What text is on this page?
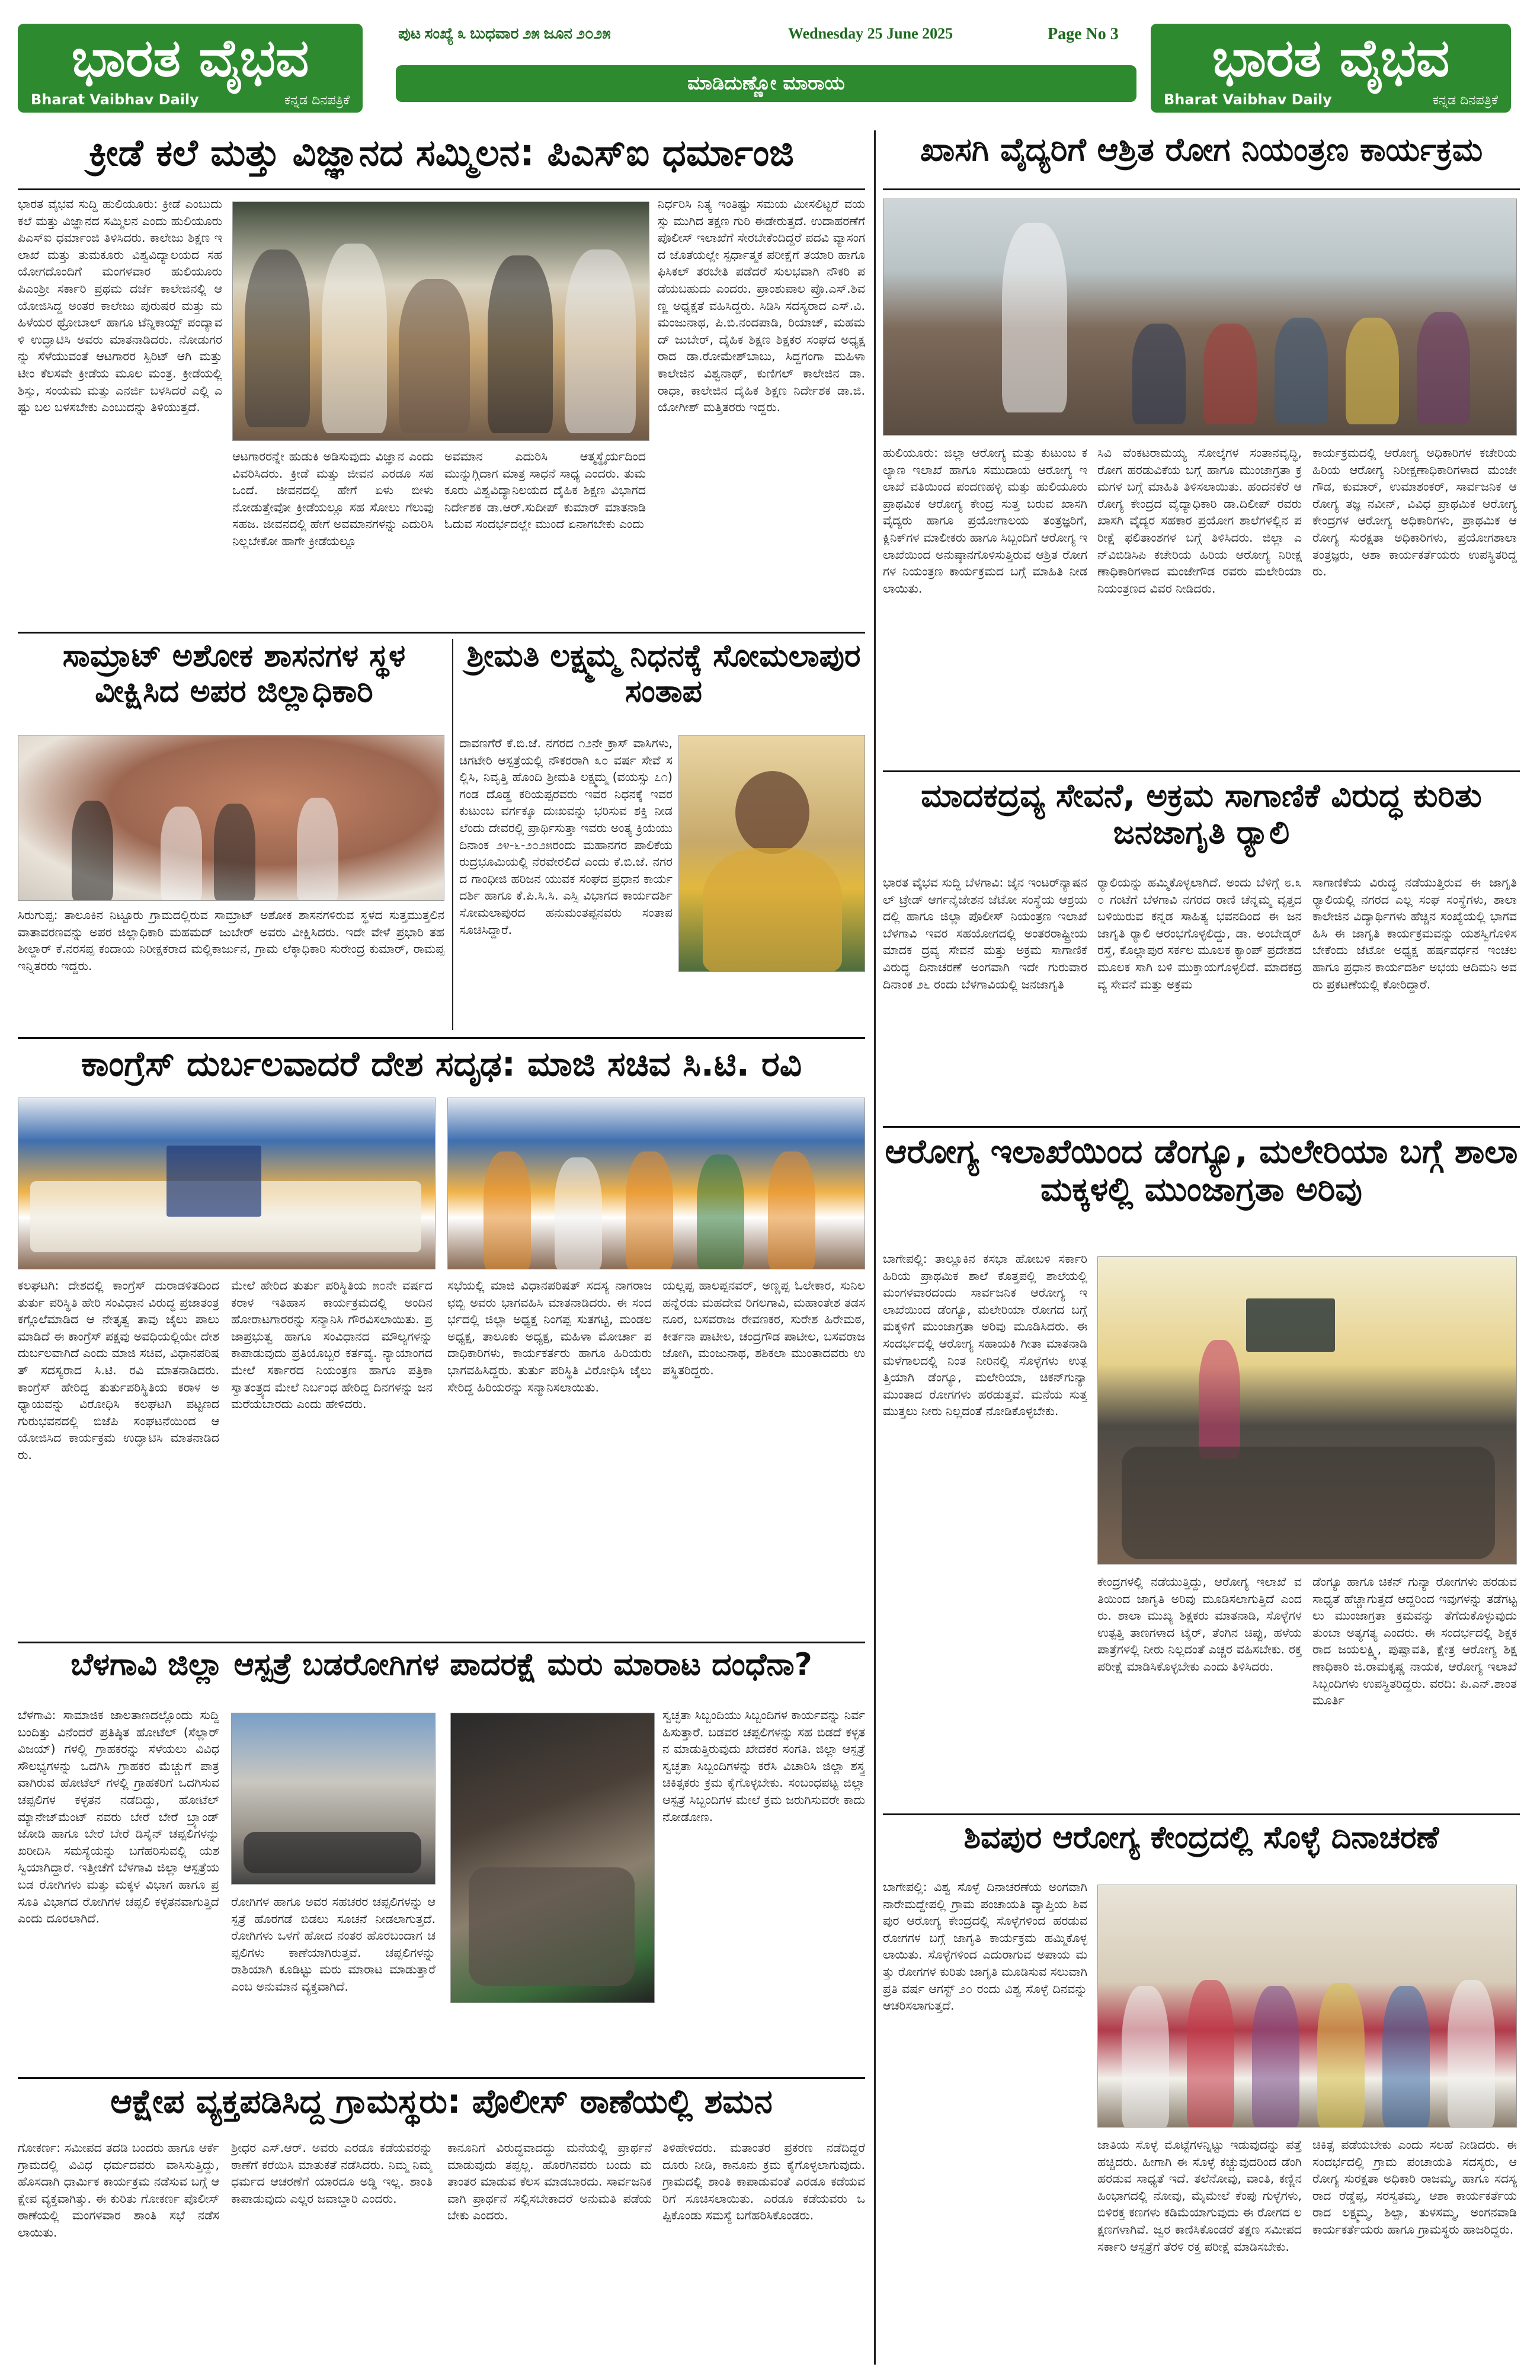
ಭಾರತ ವೈಭವ
Bharat Vaibhav Daily	ಕನ್ನಡ ದಿನಪತ್ರಿಕೆ
ಭಾರತ ವೈಭವ
Bharat Vaibhav Daily	ಕನ್ನಡ ದಿನಪತ್ರಿಕೆ
ಪುಟ ಸಂಖ್ಯೆ ೩ ಬುಧವಾರ ೨೫ ಜೂನ ೨೦೨೫	Wednesday 25 June 2025	Page No 3
ಮಾಡಿದುಣ್ಣೋ ಮಾರಾಯ
ಕ್ರೀಡೆ ಕಲೆ ಮತ್ತು ವಿಜ್ಞಾನದ ಸಮ್ಮಿಲನ: ಪಿಎಸ್‌ಐ ಧರ್ಮಾಂಜಿ
ಭಾರತ ವೈಭವ ಸುದ್ದಿ ಹುಲಿಯೂರು: ಕ್ರೀಡೆ ಎಂಬುದು ಕಲೆ ಮತ್ತು ವಿಜ್ಞಾನದ ಸಮ್ಮಿಲನ ಎಂದು ಹುಲಿಯೂರು ಪಿಎಸ್‌ಐ ಧರ್ಮಾಂಜಿ ತಿಳಿಸಿದರು. ಕಾಲೇಜು ಶಿಕ್ಷಣ ಇಲಾಖೆ ಮತ್ತು ತುಮಕೂರು ವಿಶ್ವವಿದ್ಯಾಲಯದ ಸಹಯೋಗದೊಂದಿಗೆ ಮಂಗಳವಾರ ಹುಲಿಯೂರು ಪಿಎಂಶ್ರೀ ಸರ್ಕಾರಿ ಪ್ರಥಮ ದರ್ಜೆ ಕಾಲೇಜಿನಲ್ಲಿ ಆಯೋಜಿಸಿದ್ದ ಅಂತರ ಕಾಲೇಜು ಪುರುಷರ ಮತ್ತು ಮಹಿಳೆಯರ ಥ್ರೋಬಾಲ್ ಹಾಗೂ ಟೆನ್ನಿಕಾಯ್ಟ್ ಪಂದ್ಯಾವಳಿ ಉದ್ಘಾಟಿಸಿ ಅವರು ಮಾತನಾಡಿದರು. ನೋಡುಗರನ್ನು ಸೆಳೆಯುವಂತೆ ಆಟಗಾರರ ಸ್ಪಿರಿಟ್ ಆಗಿ ಮತ್ತು ಟೀಂ ಕೆಲಸವೇ ಕ್ರೀಡೆಯ ಮೂಲ ಮಂತ್ರ. ಕ್ರೀಡೆಯಲ್ಲಿ ಶಿಸ್ತು, ಸಂಯಮ ಮತ್ತು ಎನರ್ಜಿ ಬಳಸಿದರೆ ಎಲ್ಲಿ ಎಷ್ಟು ಬಲ ಬಳಸಬೇಕು ಎಂಬುದನ್ನು ತಿಳಿಯುತ್ತದೆ.
ಆಟಗಾರರನ್ನೇ ಹುಡುಕಿ ಅಡಿಸುವುದು ವಿಜ್ಞಾನ ಎಂದು ವಿವರಿಸಿದರು. ಕ್ರೀಡೆ ಮತ್ತು ಜೀವನ ಎರಡೂ ಸಹ ಒಂದೆ. ಜೀವನದಲ್ಲಿ ಹೇಗೆ ಏಳು ಬೀಳು ನೋಡುತ್ತೇವೋ ಕ್ರೀಡೆಯಲ್ಲೂ ಸಹ ಸೋಲು ಗೆಲುವು ಸಹಜ. ಜೀವನದಲ್ಲಿ ಹೇಗೆ ಅವಮಾನಗಳನ್ನು ಎದುರಿಸಿ ನಿಲ್ಲಬೇಕೋ ಹಾಗೇ ಕ್ರೀಡೆಯಲ್ಲೂ
ಅವಮಾನ ಎದುರಿಸಿ ಆತ್ಮಸ್ಥೈರ್ಯದಿಂದ ಮುನ್ನುಗ್ಗಿದಾಗ ಮಾತ್ರ ಸಾಧನೆ ಸಾಧ್ಯ ಎಂದರು. ತುಮಕೂರು ವಿಶ್ವವಿದ್ಯಾನಿಲಯದ ದೈಹಿಕ ಶಿಕ್ಷಣ ವಿಭಾಗದ ನಿರ್ದೇಶಕ ಡಾ.ಆರ್.ಸುದೀಪ್ ಕುಮಾರ್ ಮಾತನಾಡಿ ಓದುವ ಸಂದರ್ಭದಲ್ಲೇ ಮುಂದೆ ಏನಾಗಬೇಕು ಎಂದು
ನಿರ್ಧರಿಸಿ ನಿತ್ಯ ಇಂತಿಷ್ಟು ಸಮಯ ಮೀಸಲಿಟ್ಟರೆ ವಯಸ್ಸು ಮುಗಿದ ತಕ್ಷಣ ಗುರಿ ಈಡೇರುತ್ತದೆ. ಉದಾಹರಣೆಗೆ ಪೊಲೀಸ್ ಇಲಾಖೆಗೆ ಸೇರಬೇಕೆಂದಿದ್ದರೆ ಪದವಿ ವ್ಯಾಸಂಗದ ಜೊತೆಯಲ್ಲೇ ಸ್ಪರ್ಧಾತ್ಮಕ ಪರೀಕ್ಷೆಗೆ ತಯಾರಿ ಹಾಗೂ ಫಿಸಿಕಲ್ ತರಬೇತಿ ಪಡೆದರೆ ಸುಲಭವಾಗಿ ನೌಕರಿ ಪಡೆಯಬಹುದು ಎಂದರು. ಪ್ರಾಂಶುಪಾಲ ಪ್ರೊ.ಎಸ್.ಶಿವಣ್ಣ ಅಧ್ಯಕ್ಷತೆ ವಹಿಸಿದ್ದರು. ಸಿಡಿಸಿ ಸದಸ್ಯರಾದ ಎಸ್.ವಿ.ಮಂಜುನಾಥ, ಪಿ.ಬಿ.ನಂದಪಾಡಿ, ರಿಯಾಜ್, ಮಹಮದ್ ಜುಬೇರ್, ದೈಹಿಕ ಶಿಕ್ಷಣ ಶಿಕ್ಷಕರ ಸಂಘದ ಅಧ್ಯಕ್ಷರಾದ ಡಾ.ರೋಮೇಶ್‌ಬಾಬು, ಸಿದ್ದಗಂಗಾ ಮಹಿಳಾ ಕಾಲೇಜಿನ ವಿಶ್ವನಾಥ್, ಕುಣಿಗಲ್ ಕಾಲೇಜಿನ ಡಾ.ರಾಧಾ, ಕಾಲೇಜಿನ ದೈಹಿಕ ಶಿಕ್ಷಣ ನಿರ್ದೇಶಕ ಡಾ.ಜಿ.ಯೋಗೀಶ್ ಮತ್ತಿತರರು ಇದ್ದರು.
ಖಾಸಗಿ ವೈದ್ಯರಿಗೆ ಆಶ್ರಿತ ರೋಗ ನಿಯಂತ್ರಣ ಕಾರ್ಯಕ್ರಮ
ಹುಲಿಯೂರು: ಜಿಲ್ಲಾ ಆರೋಗ್ಯ ಮತ್ತು ಕುಟುಂಬ ಕಲ್ಯಾಣ ಇಲಾಖೆ ಹಾಗೂ ಸಮುದಾಯ ಆರೋಗ್ಯ ಇಲಾಖೆ ವತಿಯಿಂದ ಪಂದಣಹಳ್ಳಿ ಮತ್ತು ಹುಲಿಯೂರು ಪ್ರಾಥಮಿಕ ಆರೋಗ್ಯ ಕೇಂದ್ರ ಸುತ್ತ ಬರುವ ಖಾಸಗಿ ವೈದ್ಯರು ಹಾಗೂ ಪ್ರಯೋಗಾಲಯ ತಂತ್ರಜ್ಞರಿಗೆ, ಕ್ಲಿನಿಕ್‌ಗಳ ಮಾಲೀಕರು ಹಾಗೂ ಸಿಬ್ಬಂದಿಗೆ ಆರೋಗ್ಯ ಇಲಾಖೆಯಿಂದ ಅನುಷ್ಠಾನಗೊಳಿಸುತ್ತಿರುವ ಆಶ್ರಿತ ರೋಗಗಳ ನಿಯಂತ್ರಣ ಕಾರ್ಯಕ್ರಮದ ಬಗ್ಗೆ ಮಾಹಿತಿ ನೀಡಲಾಯಿತು.
ಸಿವಿ ವೆಂಕಟರಾಮಯ್ಯ ಸೋಲ್ಕೆಗಳ ಸಂತಾನವೃದ್ಧಿ, ರೋಗ ಹರಡುವಿಕೆಯ ಬಗ್ಗೆ ಹಾಗೂ ಮುಂಜಾಗ್ರತಾ ಕ್ರಮಗಳ ಬಗ್ಗೆ ಮಾಹಿತಿ ತಿಳಿಸಲಾಯಿತು. ಹಂದನಕೆರೆ ಆರೋಗ್ಯ ಕೇಂದ್ರದ ವೈದ್ಯಾಧಿಕಾರಿ ಡಾ.ದಿಲೀಪ್ ರವರು ಖಾಸಗಿ ವೈದ್ಯರ ಸಹಕಾರ ಪ್ರಯೋಗ ಶಾಲೆಗಳಲ್ಲಿನ ಪರೀಕ್ಷೆ ಫಲಿತಾಂಶಗಳ ಬಗ್ಗೆ ತಿಳಿಸಿದರು. ಜಿಲ್ಲಾ ಎನ್‌ವಿಬಿಡಿಸಿಪಿ ಕಚೇರಿಯ ಹಿರಿಯ ಆರೋಗ್ಯ ನಿರೀಕ್ಷಣಾಧಿಕಾರಿಗಳಾದ ಮಂಜೇಗೌಡ ರವರು ಮಲೇರಿಯಾ ನಿಯಂತ್ರಣದ ವಿವರ ನೀಡಿದರು.
ಕಾರ್ಯಕ್ರಮದಲ್ಲಿ ಆರೋಗ್ಯ ಅಧಿಕಾರಿಗಳ ಕಚೇರಿಯ ಹಿರಿಯ ಆರೋಗ್ಯ ನಿರೀಕ್ಷಣಾಧಿಕಾರಿಗಳಾದ ಮಂಜೇ ಗೌಡ, ಕುಮಾರ್, ಉಮಾಶಂಕರ್, ಸಾರ್ವಜನಿಕ ಆರೋಗ್ಯ ತಜ್ಞ ನವೀನ್, ವಿವಿಧ ಪ್ರಾಥಮಿಕ ಆರೋಗ್ಯ ಕೇಂದ್ರಗಳ ಆರೋಗ್ಯ ಅಧಿಕಾರಿಗಳು, ಪ್ರಾಥಮಿಕ ಆರೋಗ್ಯ ಸುರಕ್ಷತಾ ಅಧಿಕಾರಿಗಳು, ಪ್ರಯೋಗಶಾಲಾ ತಂತ್ರಜ್ಞರು, ಆಶಾ ಕಾರ್ಯಕರ್ತೆಯರು ಉಪಸ್ಥಿತರಿದ್ದರು.
ಸಾಮ್ರಾಟ್ ಅಶೋಕ ಶಾಸನಗಳ ಸ್ಥಳ ವೀಕ್ಷಿಸಿದ ಅಪರ ಜಿಲ್ಲಾಧಿಕಾರಿ
ಸಿರುಗುಪ್ಪ: ತಾಲೂಕಿನ ನಿಟ್ಟೂರು ಗ್ರಾಮದಲ್ಲಿರುವ ಸಾಮ್ರಾಟ್ ಅಶೋಕ ಶಾಸನಗಳಿರುವ ಸ್ಥಳದ ಸುತ್ತಮುತ್ತಲಿನ ವಾತಾವರಣವನ್ನು ಅಪರ ಜಿಲ್ಲಾಧಿಕಾರಿ ಮಹಮದ್ ಜುಬೇರ್ ಅವರು ವೀಕ್ಷಿಸಿದರು. ಇದೇ ವೇಳೆ ಪ್ರಭಾರಿ ತಹಶೀಲ್ದಾರ್ ಕೆ.ನರಸಪ್ಪ ಕಂದಾಯ ನಿರೀಕ್ಷಕರಾದ ಮಲ್ಲಿಕಾರ್ಜುನ, ಗ್ರಾಮ ಲೆಕ್ಕಾಧಿಕಾರಿ ಸುರೇಂದ್ರ ಕುಮಾರ್, ರಾಮಪ್ಪ ಇನ್ನಿತರರು ಇದ್ದರು.
ಶ್ರೀಮತಿ ಲಕ್ಷ್ಮಮ್ಮ ನಿಧನಕ್ಕೆ ಸೋಮಲಾಪುರ ಸಂತಾಪ
ದಾವಣಗೆರೆ ಕೆ.ಬಿ.ಜೆ. ನಗರದ ೧೨ನೇ ಕ್ರಾಸ್ ವಾಸಿಗಳು, ಚಿಗಟೇರಿ ಆಸ್ಪತ್ರೆಯಲ್ಲಿ ನೌಕರರಾಗಿ ೩೦ ವರ್ಷ ಸೇವೆ ಸಲ್ಲಿಸಿ, ನಿವೃತ್ತಿ ಹೊಂದಿ ಶ್ರೀಮತಿ ಲಕ್ಷ್ಮಮ್ಮ (ವಯಸ್ಸು ೭೧) ಗಂಡ ದೊಡ್ಡ ಕರಿಯಪ್ಪರವರು ಇವರ ನಿಧನಕ್ಕೆ ಇವರ ಕುಟುಂಬ ವರ್ಗಕ್ಕೂ ದುಃಖವನ್ನು ಭರಿಸುವ ಶಕ್ತಿ ನೀಡಲೆಂದು ದೇವರಲ್ಲಿ ಪ್ರಾರ್ಥಿಸುತ್ತಾ ಇವರು ಅಂತ್ಯ ಕ್ರಿಯೆಯು ದಿನಾಂಕ ೨೪-೬-೨೦೨೫ರಂದು ಮಹಾನಗರ ಪಾಲಿಕೆಯ ರುದ್ರಭೂಮಿಯಲ್ಲಿ ನೆರವೇರಲಿದೆ ಎಂದು ಕೆ.ಬಿ.ಜೆ. ನಗರದ ಗಾಂಧೀಜಿ ಹರಿಜನ ಯುವಕ ಸಂಘದ ಪ್ರಧಾನ ಕಾರ್ಯದರ್ಶಿ ಹಾಗೂ ಕೆ.ಪಿ.ಸಿ.ಸಿ. ಎಸ್ಸಿ ವಿಭಾಗದ ಕಾರ್ಯದರ್ಶಿ ಸೋಮಲಾಪುರದ ಹನುಮಂತಪ್ಪನವರು ಸಂತಾಪ ಸೂಚಿಸಿದ್ದಾರೆ.
ಮಾದಕದ್ರವ್ಯ ಸೇವನೆ, ಅಕ್ರಮ ಸಾಗಾಣಿಕೆ ವಿರುದ್ಧ ಕುರಿತು ಜನಜಾಗೃತಿ ರ‍್ಯಾಲಿ
ಭಾರತ ವೈಭವ ಸುದ್ದಿ ಬೆಳಗಾವಿ: ಜೈನ ಇಂಟರ್‌ನ್ಯಾಷನಲ್ ಟ್ರೇಡ್ ಆರ್ಗನೈಜೇಶನ ಜೆಟೋ ಸಂಸ್ಥೆಯ ಆಶ್ರಯದಲ್ಲಿ ಹಾಗೂ ಜಿಲ್ಲಾ ಪೊಲೀಸ್ ನಿಯಂತ್ರಣ ಇಲಾಖೆ ಬೆಳಗಾವಿ ಇವರ ಸಹಯೋಗದಲ್ಲಿ ಅಂತರರಾಷ್ಟ್ರೀಯ ಮಾದಕ ದ್ರವ್ಯ ಸೇವನೆ ಮತ್ತು ಅಕ್ರಮ ಸಾಗಾಣಿಕೆ ವಿರುದ್ಧ ದಿನಾಚರಣೆ ಅಂಗವಾಗಿ ಇದೇ ಗುರುವಾರ ದಿನಾಂಕ ೨೬ ರಂದು ಬೆಳಗಾವಿಯಲ್ಲಿ ಜನಜಾಗೃತಿ
ರ‍್ಯಾಲಿಯನ್ನು ಹಮ್ಮಿಕೊಳ್ಳಲಾಗಿದೆ. ಅಂದು ಬೆಳಿಗ್ಗೆ ೮.೩೦ ಗಂಟೆಗೆ ಬೆಳಗಾವಿ ನಗರದ ರಾಣಿ ಚೆನ್ನಮ್ಮ ವೃತ್ತದ ಬಳಿಯಿರುವ ಕನ್ನಡ ಸಾಹಿತ್ಯ ಭವನದಿಂದ ಈ ಜನಜಾಗೃತಿ ರ‍್ಯಾಲಿ ಆರಂಭಗೊಳ್ಳಲಿದ್ದು, ಡಾ. ಅಂಬೇಡ್ಕರ್ ರಸ್ತೆ, ಕೊಲ್ಲಾಪುರ ಸರ್ಕಲ ಮೂಲಕ ಕ್ಯಾಂಪ್ ಪ್ರದೇಶದ ಮೂಲಕ ಸಾಗಿ ಬಳಿ ಮುಕ್ತಾಯಗೊಳ್ಳಲಿದೆ. ಮಾದಕದ್ರವ್ಯ ಸೇವನೆ ಮತ್ತು ಅಕ್ರಮ
ಸಾಗಾಣಿಕೆಯ ವಿರುದ್ಧ ನಡೆಯುತ್ತಿರುವ ಈ ಜಾಗೃತಿ ರ‍್ಯಾಲಿಯಲ್ಲಿ ನಗರದ ಎಲ್ಲ ಸಂಘ ಸಂಸ್ಥೆಗಳು, ಶಾಲಾ ಕಾಲೇಜಿನ ವಿದ್ಯಾರ್ಥಿಗಳು ಹೆಚ್ಚಿನ ಸಂಖ್ಯೆಯಲ್ಲಿ ಭಾಗವಹಿಸಿ ಈ ಜಾಗೃತಿ ಕಾರ್ಯಕ್ರಮವನ್ನು ಯಶಸ್ವಿಗೊಳಿಸಬೇಕೆಂದು ಜೆಟೋ ಅಧ್ಯಕ್ಷ ಹರ್ಷವರ್ಧನ ಇಂಚಲ ಹಾಗೂ ಪ್ರಧಾನ ಕಾರ್ಯದರ್ಶಿ ಅಭಯ ಆದಿಮನಿ ಅವರು ಪ್ರಕಟಣೆಯಲ್ಲಿ ಕೋರಿದ್ದಾರೆ.
ಕಾಂಗ್ರೆಸ್ ದುರ್ಬಲವಾದರೆ ದೇಶ ಸದೃಢ: ಮಾಜಿ ಸಚಿವ ಸಿ.ಟಿ. ರವಿ
ಕಲಘಟಗಿ: ದೇಶದಲ್ಲಿ ಕಾಂಗ್ರೆಸ್ ದುರಾಡಳಿತದಿಂದ ತುರ್ತು ಪರಿಸ್ಥಿತಿ ಹೇರಿ ಸಂವಿಧಾನ ವಿರುದ್ಧ ಪ್ರಜಾತಂತ್ರ ಕಗ್ಗೊಲೆಮಾಡಿದ ಆ ನೇತೃತ್ವ ತಾವು ಜೈಲು ಪಾಲು ಮಾಡಿದೆ ಈ ಕಾಂಗ್ರೆಸ್ ಪಕ್ಷವು ಅವಧಿಯಲ್ಲಿಯೇ ದೇಶ ದುರ್ಬಲವಾಗಿದೆ ಎಂದು ಮಾಜಿ ಸಚಿವ, ವಿಧಾನಪರಿಷತ್ ಸದಸ್ಯರಾದ ಸಿ.ಟಿ. ರವಿ ಮಾತನಾಡಿದರು. ಕಾಂಗ್ರೆಸ್ ಹೇರಿದ್ದ ತುರ್ತುಪರಿಸ್ಥಿತಿಯ ಕರಾಳ ಅಧ್ಯಾಯವನ್ನು ವಿರೋಧಿಸಿ ಕಲಘಟಗಿ ಪಟ್ಟಣದ ಗುರುಭವನದಲ್ಲಿ ಬಿಜೆಪಿ ಸಂಘಟನೆಯಿಂದ ಆಯೋಜಿಸಿದ ಕಾರ್ಯಕ್ರಮ ಉದ್ಘಾಟಿಸಿ ಮಾತನಾಡಿದರು.
ಮೇಲೆ ಹೇರಿದ ತುರ್ತು ಪರಿಸ್ಥಿತಿಯ ೫೦ನೇ ವರ್ಷದ ಕರಾಳ ಇತಿಹಾಸ ಕಾರ್ಯಕ್ರಮದಲ್ಲಿ ಅಂದಿನ ಹೋರಾಟಗಾರರನ್ನು ಸನ್ಮಾನಿಸಿ ಗೌರವಿಸಲಾಯಿತು. ಪ್ರಜಾಪ್ರಭುತ್ವ ಹಾಗೂ ಸಂವಿಧಾನದ ಮೌಲ್ಯಗಳನ್ನು ಕಾಪಾಡುವುದು ಪ್ರತಿಯೊಬ್ಬರ ಕರ್ತವ್ಯ. ನ್ಯಾಯಾಂಗದ ಮೇಲೆ ಸರ್ಕಾರದ ನಿಯಂತ್ರಣ ಹಾಗೂ ಪತ್ರಿಕಾ ಸ್ವಾತಂತ್ರ್ಯದ ಮೇಲೆ ನಿರ್ಬಂಧ ಹೇರಿದ್ದ ದಿನಗಳನ್ನು ಜನ ಮರೆಯಬಾರದು ಎಂದು ಹೇಳಿದರು.
ಸಭೆಯಲ್ಲಿ ಮಾಜಿ ವಿಧಾನಪರಿಷತ್ ಸದಸ್ಯ ನಾಗರಾಜ ಛಬ್ಬಿ ಅವರು ಭಾಗವಹಿಸಿ ಮಾತನಾಡಿದರು. ಈ ಸಂದರ್ಭದಲ್ಲಿ ಜಿಲ್ಲಾ ಅಧ್ಯಕ್ಷ ನಿಂಗಪ್ಪ ಸುತಗಟ್ಟಿ, ಮಂಡಲ ಅಧ್ಯಕ್ಷ, ತಾಲೂಕು ಅಧ್ಯಕ್ಷ, ಮಹಿಳಾ ಮೋರ್ಚಾ ಪದಾಧಿಕಾರಿಗಳು, ಕಾರ್ಯಕರ್ತರು ಹಾಗೂ ಹಿರಿಯರು ಭಾಗವಹಿಸಿದ್ದರು. ತುರ್ತು ಪರಿಸ್ಥಿತಿ ವಿರೋಧಿಸಿ ಜೈಲು ಸೇರಿದ್ದ ಹಿರಿಯರನ್ನು ಸನ್ಮಾನಿಸಲಾಯಿತು.
ಯಲ್ಲಪ್ಪ ಹಾಲಪ್ಪನವರ್, ಅಣ್ಣಪ್ಪ ಓಲೇಕಾರ, ಸುನಿಲ ಹನ್ನೆರಡು ಮಹದೇವ ರಿಗಲಗಾವಿ, ಮಹಾಂತೇಶ ತಡಸನೂರ, ಬಸವರಾಜ ರೇವಣಕರ, ಸುರೇಶ ಹಿರೇಮಠ, ಕೀರ್ತನಾ ಪಾಟೀಲ, ಚಂದ್ರಗೌಡ ಪಾಟೀಲ, ಬಸವರಾಜ ಜೋಗಿ, ಮಂಜುನಾಥ, ಶಶಿಕಲಾ ಮುಂತಾದವರು ಉಪಸ್ಥಿತರಿದ್ದರು.
ಆರೋಗ್ಯ ಇಲಾಖೆಯಿಂದ ಡೆಂಗ್ಯೂ, ಮಲೇರಿಯಾ ಬಗ್ಗೆ ಶಾಲಾ ಮಕ್ಕಳಲ್ಲಿ ಮುಂಜಾಗ್ರತಾ ಅರಿವು
ಬಾಗೇಪಲ್ಲಿ: ತಾಲ್ಲೂಕಿನ ಕಸಭಾ ಹೋಬಳಿ ಸರ್ಕಾರಿ ಹಿರಿಯ ಪ್ರಾಥಮಿಕ ಶಾಲೆ ಕೊತ್ತಪಲ್ಲಿ ಶಾಲೆಯಲ್ಲಿ ಮಂಗಳವಾರದಂದು ಸಾರ್ವಜನಿಕ ಆರೋಗ್ಯ ಇಲಾಖೆಯಿಂದ ಡೆಂಗ್ಯೂ, ಮಲೇರಿಯಾ ರೋಗದ ಬಗ್ಗೆ ಮಕ್ಕಳಿಗೆ ಮುಂಜಾಗ್ರತಾ ಅರಿವು ಮೂಡಿಸಿದರು. ಈ ಸಂದರ್ಭದಲ್ಲಿ ಆರೋಗ್ಯ ಸಹಾಯಕಿ ಗೀತಾ ಮಾತನಾಡಿ ಮಳೆಗಾಲದಲ್ಲಿ ನಿಂತ ನೀರಿನಲ್ಲಿ ಸೊಳ್ಳೆಗಳು ಉತ್ಪತ್ತಿಯಾಗಿ ಡೆಂಗ್ಯೂ, ಮಲೇರಿಯಾ, ಚಿಕನ್‌ಗುನ್ಯಾ ಮುಂತಾದ ರೋಗಗಳು ಹರಡುತ್ತವೆ. ಮನೆಯ ಸುತ್ತಮುತ್ತಲು ನೀರು ನಿಲ್ಲದಂತೆ ನೋಡಿಕೊಳ್ಳಬೇಕು.
ಕೇಂದ್ರಗಳಲ್ಲಿ ನಡೆಯುತ್ತಿದ್ದು, ಆರೋಗ್ಯ ಇಲಾಖೆ ವತಿಯಿಂದ ಜಾಗೃತಿ ಅರಿವು ಮೂಡಿಸಲಾಗುತ್ತಿದೆ ಎಂದರು. ಶಾಲಾ ಮುಖ್ಯ ಶಿಕ್ಷಕರು ಮಾತನಾಡಿ, ಸೊಳ್ಳೆಗಳ ಉತ್ಪತ್ತಿ ತಾಣಗಳಾದ ಟೈರ್, ತೆಂಗಿನ ಚಿಪ್ಪು, ಹಳೆಯ ಪಾತ್ರೆಗಳಲ್ಲಿ ನೀರು ನಿಲ್ಲದಂತೆ ಎಚ್ಚರ ವಹಿಸಬೇಕು. ರಕ್ತಪರೀಕ್ಷೆ ಮಾಡಿಸಿಕೊಳ್ಳಬೇಕು ಎಂದು ತಿಳಿಸಿದರು.
ಡೆಂಗ್ಯೂ ಹಾಗೂ ಚಿಕನ್ ಗುನ್ಯಾ ರೋಗಗಳು ಹರಡುವ ಸಾಧ್ಯತೆ ಹೆಚ್ಚಾಗುತ್ತದೆ ಆದ್ದರಿಂದ ಇವುಗಳನ್ನು ತಡೆಗಟ್ಟಲು ಮುಂಜಾಗ್ರತಾ ಕ್ರಮವನ್ನು ತೆಗೆದುಕೊಳ್ಳುವುದು ತುಂಬಾ ಅತ್ಯಗತ್ಯ ಎಂದರು. ಈ ಸಂದರ್ಭದಲ್ಲಿ ಶಿಕ್ಷಕರಾದ ಜಯಲಕ್ಷ್ಮಿ, ಪುಷ್ಪಾವತಿ, ಕ್ಷೇತ್ರ ಆರೋಗ್ಯ ಶಿಕ್ಷಣಾಧಿಕಾರಿ ಜಿ.ರಾಮಕೃಷ್ಣ ನಾಯಕ, ಆರೋಗ್ಯ ಇಲಾಖೆ ಸಿಬ್ಬಂದಿಗಳು ಉಪಸ್ಥಿತರಿದ್ದರು. ವರದಿ: ಪಿ.ಎನ್.ಶಾಂತಮೂರ್ತಿ
ಬೆಳಗಾವಿ ಜಿಲ್ಲಾ ಆಸ್ಪತ್ರೆ ಬಡರೋಗಿಗಳ ಪಾದರಕ್ಷೆ ಮರು ಮಾರಾಟ ದಂಧೆನಾ?
ಬೆಳಗಾವಿ: ಸಾಮಾಜಿಕ ಜಾಲತಾಣದಲ್ಲೊಂದು ಸುದ್ದಿ ಬಂದಿತ್ತು ವಿನೆಂದರೆ ಪ್ರತಿಷ್ಠಿತ ಹೋಟೆಲ್ (ಸೆಲ್ಲಾರ್ ವಿಜಯ್) ಗಳಲ್ಲಿ ಗ್ರಾಹಕರನ್ನು ಸೆಳೆಯಲು ವಿವಿಧ ಸೌಲಭ್ಯಗಳನ್ನು ಒದಗಿಸಿ ಗ್ರಾಹಕರ ಮೆಚ್ಚುಗೆ ಪಾತ್ರ ವಾಗಿರುವ ಹೋಟೆಲ್ ಗಳಲ್ಲಿ ಗ್ರಾಹಕರಿಗೆ ಒದಗಿಸುವ ಚಪ್ಪಲಿಗಳ ಕಳ್ಳತನ ನಡೆದಿದ್ದು, ಹೋಟೆಲ್ ಮ್ಯಾನೇಜ್‌ಮೆಂಟ್ ನವರು ಬೇರೆ ಬೇರೆ ಬ್ರ್ಯಾಂಡ್ ಜೋಡಿ ಹಾಗೂ ಬೇರೆ ಬೇರೆ ಡಿಸೈನ್ ಚಪ್ಪಲಿಗಳನ್ನು ಖರೀದಿಸಿ ಸಮಸ್ಯೆಯನ್ನು ಬಗೆಹರಿಸುವಲ್ಲಿ ಯಶಸ್ವಿಯಾಗಿದ್ದಾರೆ. ಇತ್ತೀಚೆಗೆ ಬೆಳಗಾವಿ ಜಿಲ್ಲಾ ಆಸ್ಪತ್ರೆಯ ಬಡ ರೋಗಿಗಳು ಮತ್ತು ಮಕ್ಕಳ ವಿಭಾಗ ಹಾಗೂ ಪ್ರಸೂತಿ ವಿಭಾಗದ ರೋಗಿಗಳ ಚಪ್ಪಲಿ ಕಳ್ಳತನವಾಗುತ್ತಿದೆ ಎಂದು ದೂರಲಾಗಿದೆ.
ರೋಗಿಗಳ ಹಾಗೂ ಅವರ ಸಹಚರರ ಚಪ್ಪಲಿಗಳನ್ನು ಆಸ್ಪತ್ರೆ ಹೊರಗಡೆ ಬಿಡಲು ಸೂಚನೆ ನೀಡಲಾಗುತ್ತದೆ. ರೋಗಿಗಳು ಒಳಗೆ ಹೋದ ನಂತರ ಹೊರಬಂದಾಗ ಚಪ್ಪಲಿಗಳು ಕಾಣೆಯಾಗಿರುತ್ತವೆ. ಚಪ್ಪಲಿಗಳನ್ನು ರಾಶಿಯಾಗಿ ಕೂಡಿಟ್ಟು ಮರು ಮಾರಾಟ ಮಾಡುತ್ತಾರೆ ಎಂಬ ಅನುಮಾನ ವ್ಯಕ್ತವಾಗಿದೆ.
ಸ್ವಚ್ಛತಾ ಸಿಬ್ಬಂದಿಯು ಸಿಬ್ಬಂದಿಗಳ ಕಾರ್ಯವನ್ನು ನಿರ್ವಹಿಸುತ್ತಾರೆ. ಬಡವರ ಚಪ್ಪಲಿಗಳನ್ನು ಸಹ ಬಿಡದೆ ಕಳ್ಳತನ ಮಾಡುತ್ತಿರುವುದು ಖೇದಕರ ಸಂಗತಿ. ಜಿಲ್ಲಾ ಆಸ್ಪತ್ರೆ ಸ್ವಚ್ಛತಾ ಸಿಬ್ಬಂದಿಗಳನ್ನು ಕರೆಸಿ ವಿಚಾರಿಸಿ ಜಿಲ್ಲಾ ಶಸ್ತ್ರಚಿಕಿತ್ಸಕರು ಕ್ರಮ ಕೈಗೊಳ್ಳಬೇಕು. ಸಂಬಂಧಪಟ್ಟ ಜಿಲ್ಲಾ ಆಸ್ಪತ್ರೆ ಸಿಬ್ಬಂದಿಗಳ ಮೇಲೆ ಕ್ರಮ ಜರುಗಿಸುವರೇ ಕಾದು ನೋಡೋಣ.
ಶಿವಪುರ ಆರೋಗ್ಯ ಕೇಂದ್ರದಲ್ಲಿ ಸೊಳ್ಳೆ ದಿನಾಚರಣೆ
ಬಾಗೇಪಲ್ಲಿ: ವಿಶ್ವ ಸೊಳ್ಳೆ ದಿನಾಚರಣೆಯ ಅಂಗವಾಗಿ ನಾರೇಮದ್ದೇಪಲ್ಲಿ ಗ್ರಾಮ ಪಂಚಾಯತಿ ವ್ಯಾಪ್ತಿಯ ಶಿವಪುರ ಆರೋಗ್ಯ ಕೇಂದ್ರದಲ್ಲಿ ಸೊಳ್ಳೆಗಳಿಂದ ಹರಡುವ ರೋಗಗಳ ಬಗ್ಗೆ ಜಾಗೃತಿ ಕಾರ್ಯಕ್ರಮ ಹಮ್ಮಿಕೊಳ್ಳಲಾಯಿತು. ಸೊಳ್ಳೆಗಳಿಂದ ಎದುರಾಗುವ ಅಪಾಯ ಮತ್ತು ರೋಗಗಳ ಕುರಿತು ಜಾಗೃತಿ ಮೂಡಿಸುವ ಸಲುವಾಗಿ ಪ್ರತಿ ವರ್ಷ ಆಗಸ್ಟ್ ೨೦ ರಂದು ವಿಶ್ವ ಸೊಳ್ಳೆ ದಿನವನ್ನು ಆಚರಿಸಲಾಗುತ್ತದೆ.
ಜಾತಿಯ ಸೊಳ್ಳೆ ಮೊಟ್ಟೆಗಳನ್ನಿಟ್ಟು ಇಡುವುದನ್ನು ಪತ್ತೆ ಹಚ್ಚಿದರು. ಹೀಗಾಗಿ ಈ ಸೊಳ್ಳೆ ಕಚ್ಚುವುದರಿಂದ ಡೆಂಗಿ ಹರಡುವ ಸಾಧ್ಯತೆ ಇದೆ. ತಲೆನೋವು, ವಾಂತಿ, ಕಣ್ಣಿನ ಹಿಂಭಾಗದಲ್ಲಿ ನೋವು, ಮೈಮೇಲೆ ಕೆಂಪು ಗುಳ್ಳೆಗಳು, ಬಿಳಿರಕ್ತ ಕಣಗಳು ಕಡಿಮೆಯಾಗುವುದು ಈ ರೋಗದ ಲಕ್ಷಣಗಳಾಗಿವೆ. ಜ್ವರ ಕಾಣಿಸಿಕೊಂಡರೆ ತಕ್ಷಣ ಸಮೀಪದ ಸರ್ಕಾರಿ ಆಸ್ಪತ್ರೆಗೆ ತೆರಳಿ ರಕ್ತ ಪರೀಕ್ಷೆ ಮಾಡಿಸಬೇಕು.
ಚಿಕಿತ್ಸೆ ಪಡೆಯಬೇಕು ಎಂದು ಸಲಹೆ ನೀಡಿದರು. ಈ ಸಂದರ್ಭದಲ್ಲಿ ಗ್ರಾಮ ಪಂಚಾಯತಿ ಸದಸ್ಯರು, ಆರೋಗ್ಯ ಸುರಕ್ಷತಾ ಅಧಿಕಾರಿ ರಾಜಮ್ಮ, ಹಾಗೂ ಸದಸ್ಯರಾದ ರೆಡ್ಡೆಪ್ಪ, ಸರಸ್ವತಮ್ಮ, ಆಶಾ ಕಾರ್ಯಕರ್ತೆಯರಾದ ಲಕ್ಷ್ಮಮ್ಮ, ಶಿಲ್ಪಾ, ತುಳಸಮ್ಮ, ಅಂಗನವಾಡಿ ಕಾರ್ಯಕರ್ತೆಯರು ಹಾಗೂ ಗ್ರಾಮಸ್ಥರು ಹಾಜರಿದ್ದರು.
ಆಕ್ಷೇಪ ವ್ಯಕ್ತಪಡಿಸಿದ್ದ ಗ್ರಾಮಸ್ಥರು: ಪೊಲೀಸ್ ಠಾಣೆಯಲ್ಲಿ ಶಮನ
ಗೋಕರ್ಣ: ಸಮೀಪದ ತದಡಿ ಬಂದರು ಹಾಗೂ ಆರ್ಕೆ ಗ್ರಾಮದಲ್ಲಿ ವಿವಿಧ ಧರ್ಮದವರು ವಾಸಿಸುತ್ತಿದ್ದು, ಹೊಸದಾಗಿ ಧಾರ್ಮಿಕ ಕಾರ್ಯಕ್ರಮ ನಡೆಸುವ ಬಗ್ಗೆ ಆಕ್ಷೇಪ ವ್ಯಕ್ತವಾಗಿತ್ತು. ಈ ಕುರಿತು ಗೋಕರ್ಣ ಪೊಲೀಸ್ ಠಾಣೆಯಲ್ಲಿ ಮಂಗಳವಾರ ಶಾಂತಿ ಸಭೆ ನಡೆಸಲಾಯಿತು.
ಶ್ರೀಧರ ಎಸ್.ಆರ್. ಅವರು ಎರಡೂ ಕಡೆಯವರನ್ನು ಠಾಣೆಗೆ ಕರೆಯಿಸಿ ಮಾತುಕತೆ ನಡೆಸಿದರು. ನಿಮ್ಮ ನಿಮ್ಮ ಧರ್ಮದ ಆಚರಣೆಗೆ ಯಾರದೂ ಅಡ್ಡಿ ಇಲ್ಲ. ಶಾಂತಿ ಕಾಪಾಡುವುದು ಎಲ್ಲರ ಜವಾಬ್ದಾರಿ ಎಂದರು.
ಕಾನೂನಿಗೆ ವಿರುದ್ಧವಾದದ್ದು ಮನೆಯಲ್ಲಿ ಪ್ರಾರ್ಥನೆ ಮಾಡುವುದು ತಪ್ಪಲ್ಲ. ಹೊರಗಿನವರು ಬಂದು ಮತಾಂತರ ಮಾಡುವ ಕೆಲಸ ಮಾಡಬಾರದು. ಸಾರ್ವಜನಿಕವಾಗಿ ಪ್ರಾರ್ಥನೆ ಸಲ್ಲಿಸಬೇಕಾದರೆ ಅನುಮತಿ ಪಡೆಯಬೇಕು ಎಂದರು.
ತಿಳಿಹೇಳಿದರು. ಮತಾಂತರ ಪ್ರಕರಣ ನಡೆದಿದ್ದರೆ ದೂರು ನೀಡಿ, ಕಾನೂನು ಕ್ರಮ ಕೈಗೊಳ್ಳಲಾಗುವುದು. ಗ್ರಾಮದಲ್ಲಿ ಶಾಂತಿ ಕಾಪಾಡುವಂತೆ ಎರಡೂ ಕಡೆಯವರಿಗೆ ಸೂಚಿಸಲಾಯಿತು. ಎರಡೂ ಕಡೆಯವರು ಒಪ್ಪಿಕೊಂಡು ಸಮಸ್ಯೆ ಬಗೆಹರಿಸಿಕೊಂಡರು.
